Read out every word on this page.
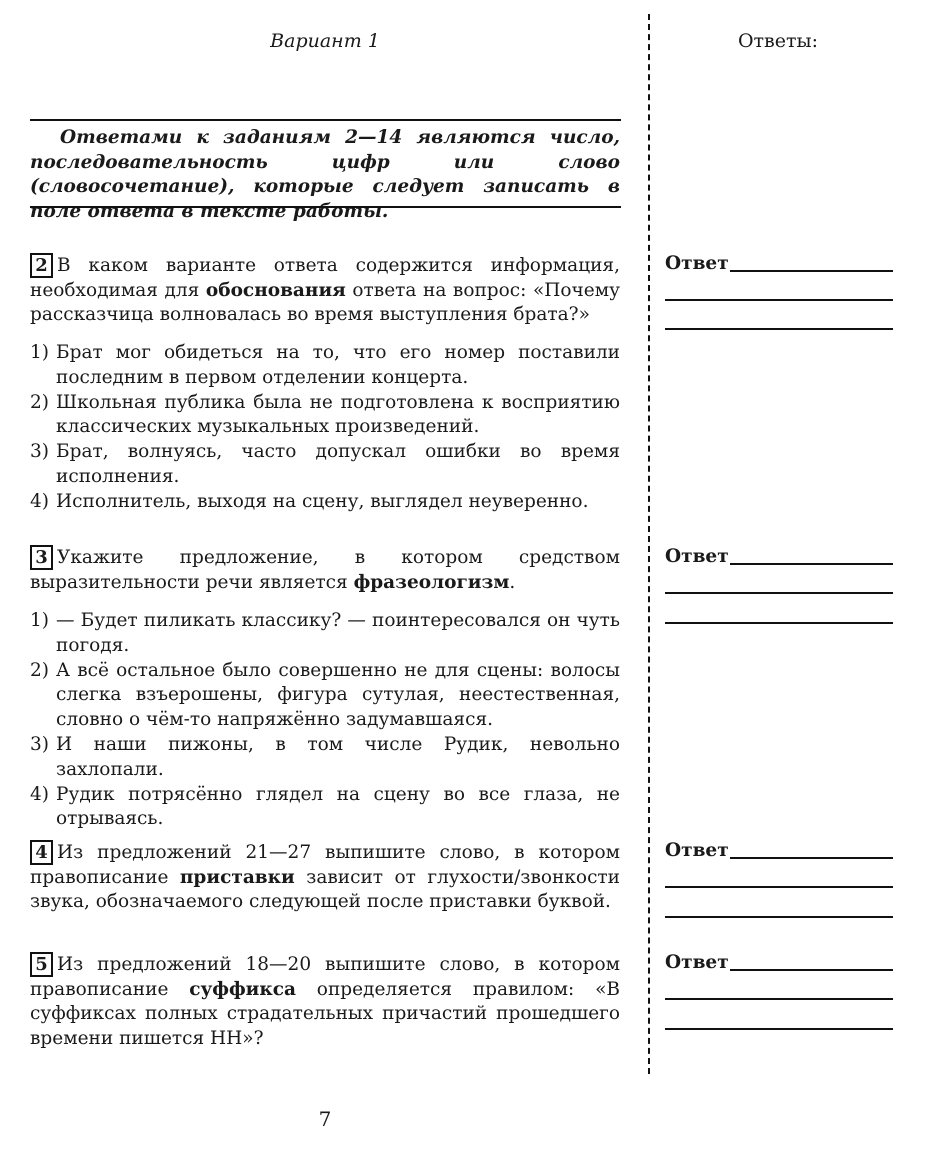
Вариант 1	Ответы:
Ответами к заданиям 2—14 являются число, последовательность цифр или слово (словосочетание), которые следует записать в поле ответа в тексте работы.
2 В каком варианте ответа содержится информация, необходимая для обоснования ответа на вопрос: «Почему рассказчица волновалась во время выступления брата?»
1) Брат мог обидеться на то, что его номер поставили последним в первом отделении концерта.
2) Школьная публика была не подготовлена к восприятию классических музыкальных произведений.
3) Брат, волнуясь, часто допускал ошибки во время исполнения.
4) Исполнитель, выходя на сцену, выглядел неуверенно.
3 Укажите предложение, в котором средством выразительности речи является фразеологизм.
1) — Будет пиликать классику? — поинтересовался он чуть погодя.
2) А всё остальное было совершенно не для сцены: волосы слегка взъерошены, фигура сутулая, неестественная, словно о чём-то напряжённо задумавшаяся.
3) И наши пижоны, в том числе Рудик, невольно захлопали.
4) Рудик потрясённо глядел на сцену во все глаза, не отрываясь.
4 Из предложений 21—27 выпишите слово, в котором правописание приставки зависит от глухости/звонкости звука, обозначаемого следующей после приставки буквой.
5 Из предложений 18—20 выпишите слово, в котором правописание суффикса определяется правилом: «В суффиксах полных страдательных причастий прошедшего времени пишется НН»?
Ответ
Ответ
Ответ
Ответ
7
